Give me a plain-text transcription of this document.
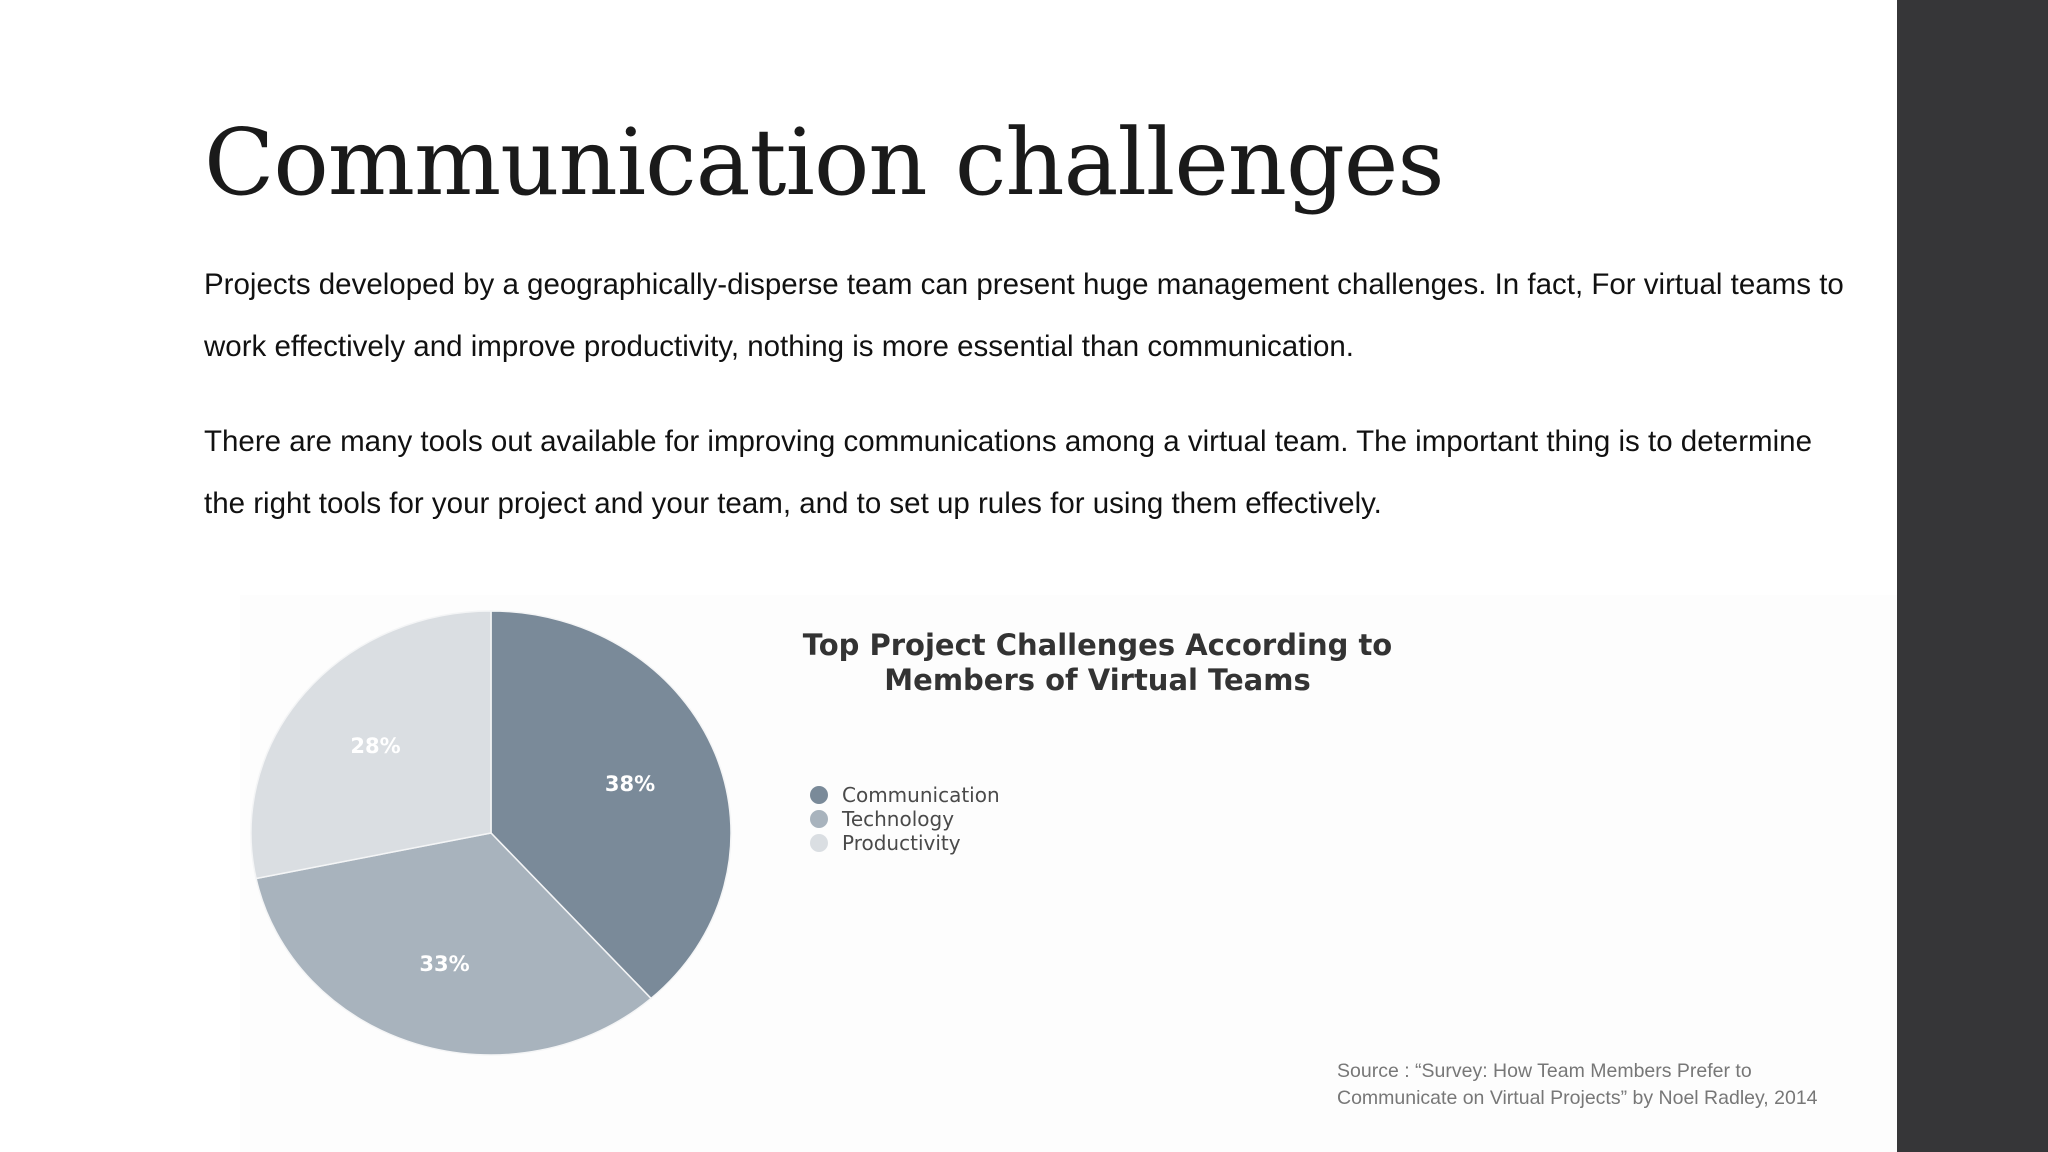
Communication challenges
Projects developed by a geographically-disperse team can present huge management challenges. In fact, For virtual teams to work effectively and improve productivity, nothing is more essential than communication.
There are many tools out available for improving communications among a virtual team. The important thing is to determine the right tools for your project and your team, and to set up rules for using them effectively.
38%
33%
28%
Top Project Challenges According to Members of Virtual Teams
Communication
Technology
Productivity
Source : “Survey: How Team Members Prefer to
Communicate on Virtual Projects” by Noel Radley, 2014
